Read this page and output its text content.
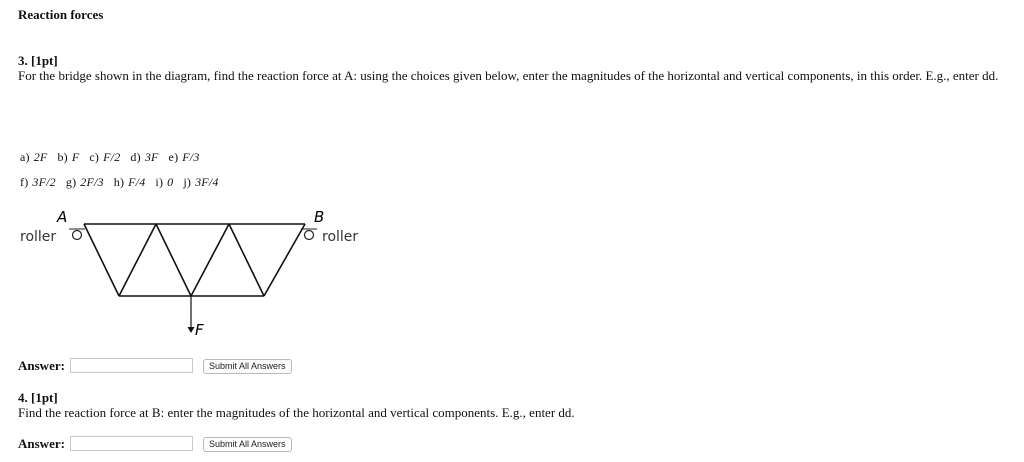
Reaction forces
3. [1pt]
For the bridge shown in the diagram, find the reaction force at A: using the choices given below, enter the magnitudes of the horizontal and vertical components, in this order. E.g., enter dd.
a) 2F b) F c) F/2 d) 3F e) F/3
f) 3F/2 g) 2F/3 h) F/4 i) 0 j) 3F/4
A	B
roller	roller
F
Answer:	Submit All Answers
4. [1pt]
Find the reaction force at B: enter the magnitudes of the horizontal and vertical components. E.g., enter dd.
Answer:	Submit All Answers
